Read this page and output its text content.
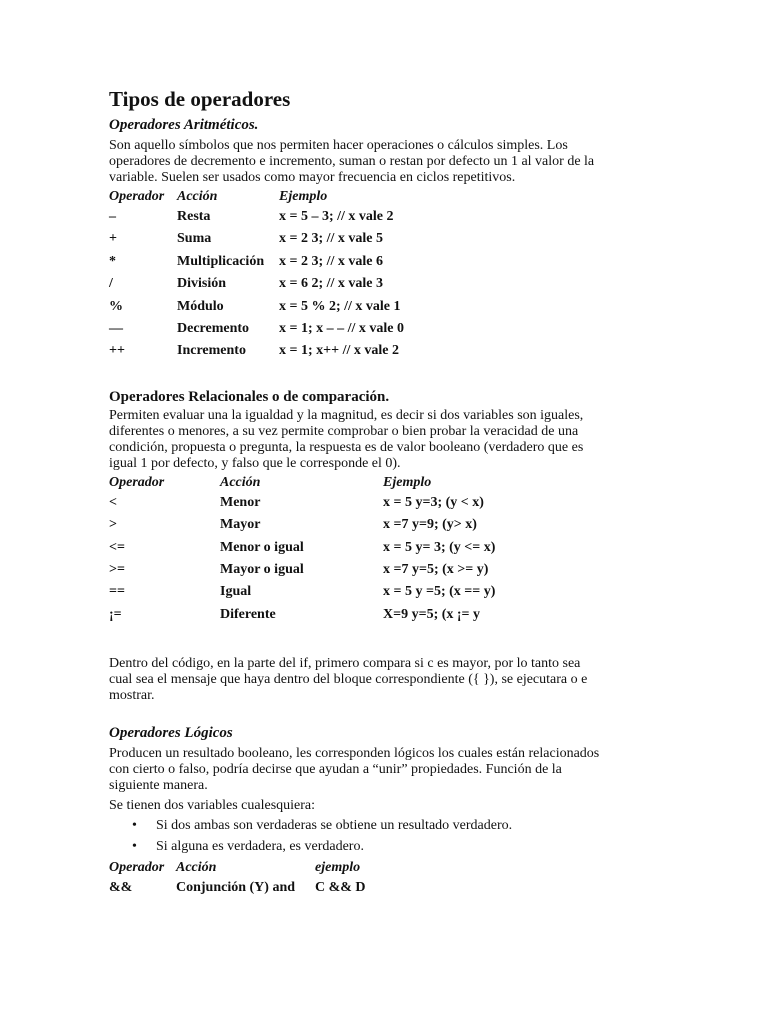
Tipos de operadores
Operadores Aritméticos.

Son aquello símbolos que nos permiten hacer operaciones o cálculos simples. Los

operadores de decremento e incremento, suman o restan por defecto un 1 al valor de la

variable. Suelen ser usados como mayor frecuencia en ciclos repetitivos.

Operador	Acción	Ejemplo
–	Resta	x = 5 – 3; // x vale 2
+	Suma	x = 2 3; // x vale 5
*	Multiplicación	x = 2 3; // x vale 6
/	División	x = 6 2; // x vale 3
%	Módulo	x = 5 % 2; // x vale 1
—	Decremento	x = 1; x – – // x vale 0
++	Incremento	x = 1; x++ // x vale 2
Operadores Relacionales o de comparación.

Permiten evaluar una la igualdad y la magnitud, es decir si dos variables son iguales,

diferentes o menores, a su vez permite comprobar o bien probar la veracidad de una

condición, propuesta o pregunta, la respuesta es de valor booleano (verdadero que es

igual 1 por defecto, y falso que le corresponde el 0).

Operador	Acción	Ejemplo
<	Menor	x = 5 y=3; (y < x)
>	Mayor	x =7 y=9; (y> x)
<=	Menor o igual	x = 5 y= 3; (y <= x)
>=	Mayor o igual	x =7 y=5; (x >= y)
==	Igual	x = 5 y =5; (x == y)
¡=	Diferente	X=9 y=5; (x ¡= y

Dentro del código, en la parte del if, primero compara si c es mayor, por lo tanto sea

cual sea el mensaje que haya dentro del bloque correspondiente ({ }), se ejecutara o e

mostrar.

Operadores Lógicos

Producen un resultado booleano, les corresponden lógicos los cuales están relacionados

con cierto o falso, podría decirse que ayudan a “unir” propiedades. Función de la

siguiente manera.

Se tienen dos variables cualesquiera:

• Si dos ambas son verdaderas se obtiene un resultado verdadero.
• Si alguna es verdadera, es verdadero.
Operador	Acción	ejemplo
&&	Conjunción (Y) and	C && D
